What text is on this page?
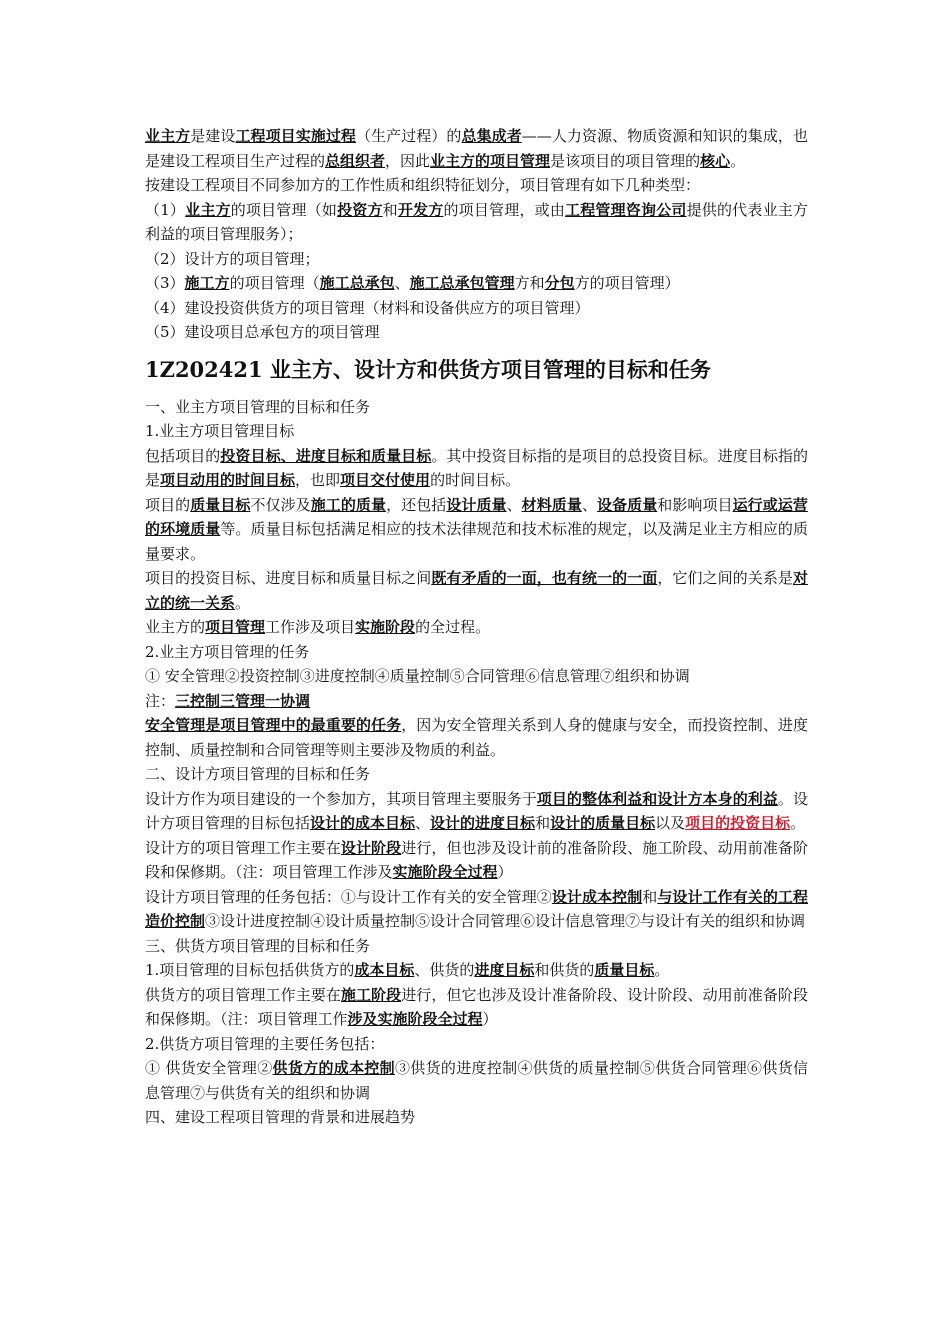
业主方是建设工程项目实施过程（生产过程）的总集成者——人力资源、物质资源和知识的集成，也是建设工程项目生产过程的总组织者，因此业主方的项目管理是该项目的项目管理的核心。

按建设工程项目不同参加方的工作性质和组织特征划分，项目管理有如下几种类型：

（1）业主方的项目管理（如投资方和开发方的项目管理，或由工程管理咨询公司提供的代表业主方利益的项目管理服务）；

（2）设计方的项目管理；

（3）施工方的项目管理（施工总承包、施工总承包管理方和分包方的项目管理）

（4）建设投资供货方的项目管理（材料和设备供应方的项目管理）

（5）建设项目总承包方的项目管理

1Z202421 业主方、设计方和供货方项目管理的目标和任务

一、业主方项目管理的目标和任务

1.业主方项目管理目标

包括项目的投资目标、进度目标和质量目标。其中投资目标指的是项目的总投资目标。进度目标指的是项目动用的时间目标，也即项目交付使用的时间目标。

项目的质量目标不仅涉及施工的质量，还包括设计质量、材料质量、设备质量和影响项目运行或运营的环境质量等。质量目标包括满足相应的技术法律规范和技术标准的规定，以及满足业主方相应的质量要求。

项目的投资目标、进度目标和质量目标之间既有矛盾的一面，也有统一的一面，它们之间的关系是对立的统一关系。

业主方的项目管理工作涉及项目实施阶段的全过程。

2.业主方项目管理的任务

① 安全管理②投资控制③进度控制④质量控制⑤合同管理⑥信息管理⑦组织和协调

注：三控制三管理一协调

安全管理是项目管理中的最重要的任务，因为安全管理关系到人身的健康与安全，而投资控制、进度控制、质量控制和合同管理等则主要涉及物质的利益。

二、设计方项目管理的目标和任务

设计方作为项目建设的一个参加方，其项目管理主要服务于项目的整体利益和设计方本身的利益。设计方项目管理的目标包括设计的成本目标、设计的进度目标和设计的质量目标以及项目的投资目标。

设计方的项目管理工作主要在设计阶段进行，但也涉及设计前的准备阶段、施工阶段、动用前准备阶段和保修期。（注：项目管理工作涉及实施阶段全过程）

设计方项目管理的任务包括：①与设计工作有关的安全管理②设计成本控制和与设计工作有关的工程造价控制③设计进度控制④设计质量控制⑤设计合同管理⑥设计信息管理⑦与设计有关的组织和协调

三、供货方项目管理的目标和任务

1.项目管理的目标包括供货方的成本目标、供货的进度目标和供货的质量目标。

供货方的项目管理工作主要在施工阶段进行，但它也涉及设计准备阶段、设计阶段、动用前准备阶段和保修期。（注：项目管理工作涉及实施阶段全过程）

2.供货方项目管理的主要任务包括：

① 供货安全管理②供货方的成本控制③供货的进度控制④供货的质量控制⑤供货合同管理⑥供货信息管理⑦与供货有关的组织和协调

四、建设工程项目管理的背景和进展趋势
